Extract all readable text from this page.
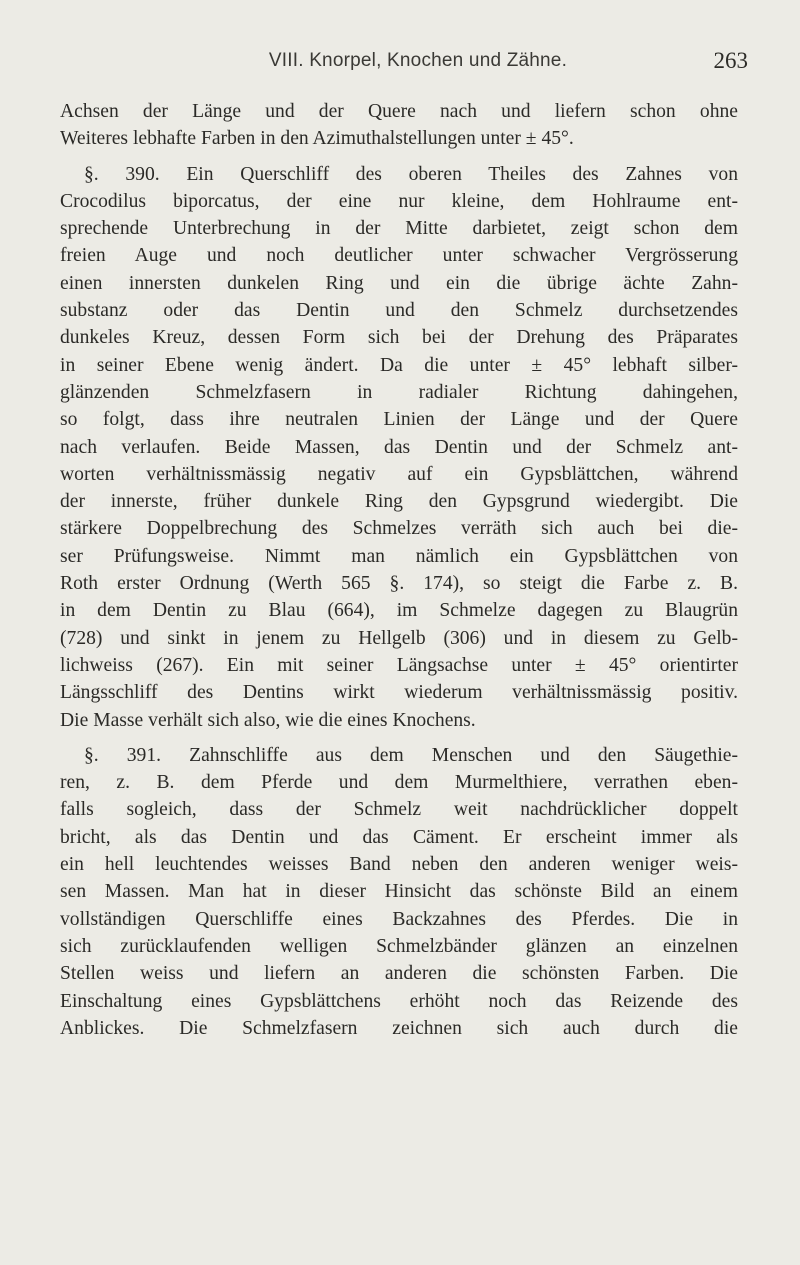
VIII. Knorpel, Knochen und Zähne.	263

Achsen der Länge und der Quere nach und liefern schon ohne
Weiteres lebhafte Farben in den Azimuthalstellungen unter ± 45°.

§. 390. Ein Querschliff des oberen Theiles des Zahnes von
Crocodilus biporcatus, der eine nur kleine, dem Hohlraume ent-
sprechende Unterbrechung in der Mitte darbietet, zeigt schon dem
freien Auge und noch deutlicher unter schwacher Vergrösserung
einen innersten dunkelen Ring und ein die übrige ächte Zahn-
substanz oder das Dentin und den Schmelz durchsetzendes
dunkeles Kreuz, dessen Form sich bei der Drehung des Präparates
in seiner Ebene wenig ändert. Da die unter ± 45° lebhaft silber-
glänzenden Schmelzfasern in radialer Richtung dahingehen,
so folgt, dass ihre neutralen Linien der Länge und der Quere
nach verlaufen. Beide Massen, das Dentin und der Schmelz ant-
worten verhältnissmässig negativ auf ein Gypsblättchen, während
der innerste, früher dunkele Ring den Gypsgrund wiedergibt. Die
stärkere Doppelbrechung des Schmelzes verräth sich auch bei die-
ser Prüfungsweise. Nimmt man nämlich ein Gypsblättchen von
Roth erster Ordnung (Werth 565 §. 174), so steigt die Farbe z. B.
in dem Dentin zu Blau (664), im Schmelze dagegen zu Blaugrün
(728) und sinkt in jenem zu Hellgelb (306) und in diesem zu Gelb-
lichweiss (267). Ein mit seiner Längsachse unter ± 45° orientirter
Längsschliff des Dentins wirkt wiederum verhältnissmässig positiv.
Die Masse verhält sich also, wie die eines Knochens.

§. 391. Zahnschliffe aus dem Menschen und den Säugethie-
ren, z. B. dem Pferde und dem Murmelthiere, verrathen eben-
falls sogleich, dass der Schmelz weit nachdrücklicher doppelt
bricht, als das Dentin und das Cäment. Er erscheint immer als
ein hell leuchtendes weisses Band neben den anderen weniger weis-
sen Massen. Man hat in dieser Hinsicht das schönste Bild an einem
vollständigen Querschliffe eines Backzahnes des Pferdes. Die in
sich zurücklaufenden welligen Schmelzbänder glänzen an einzelnen
Stellen weiss und liefern an anderen die schönsten Farben. Die
Einschaltung eines Gypsblättchens erhöht noch das Reizende des
Anblickes. Die Schmelzfasern zeichnen sich auch durch die
